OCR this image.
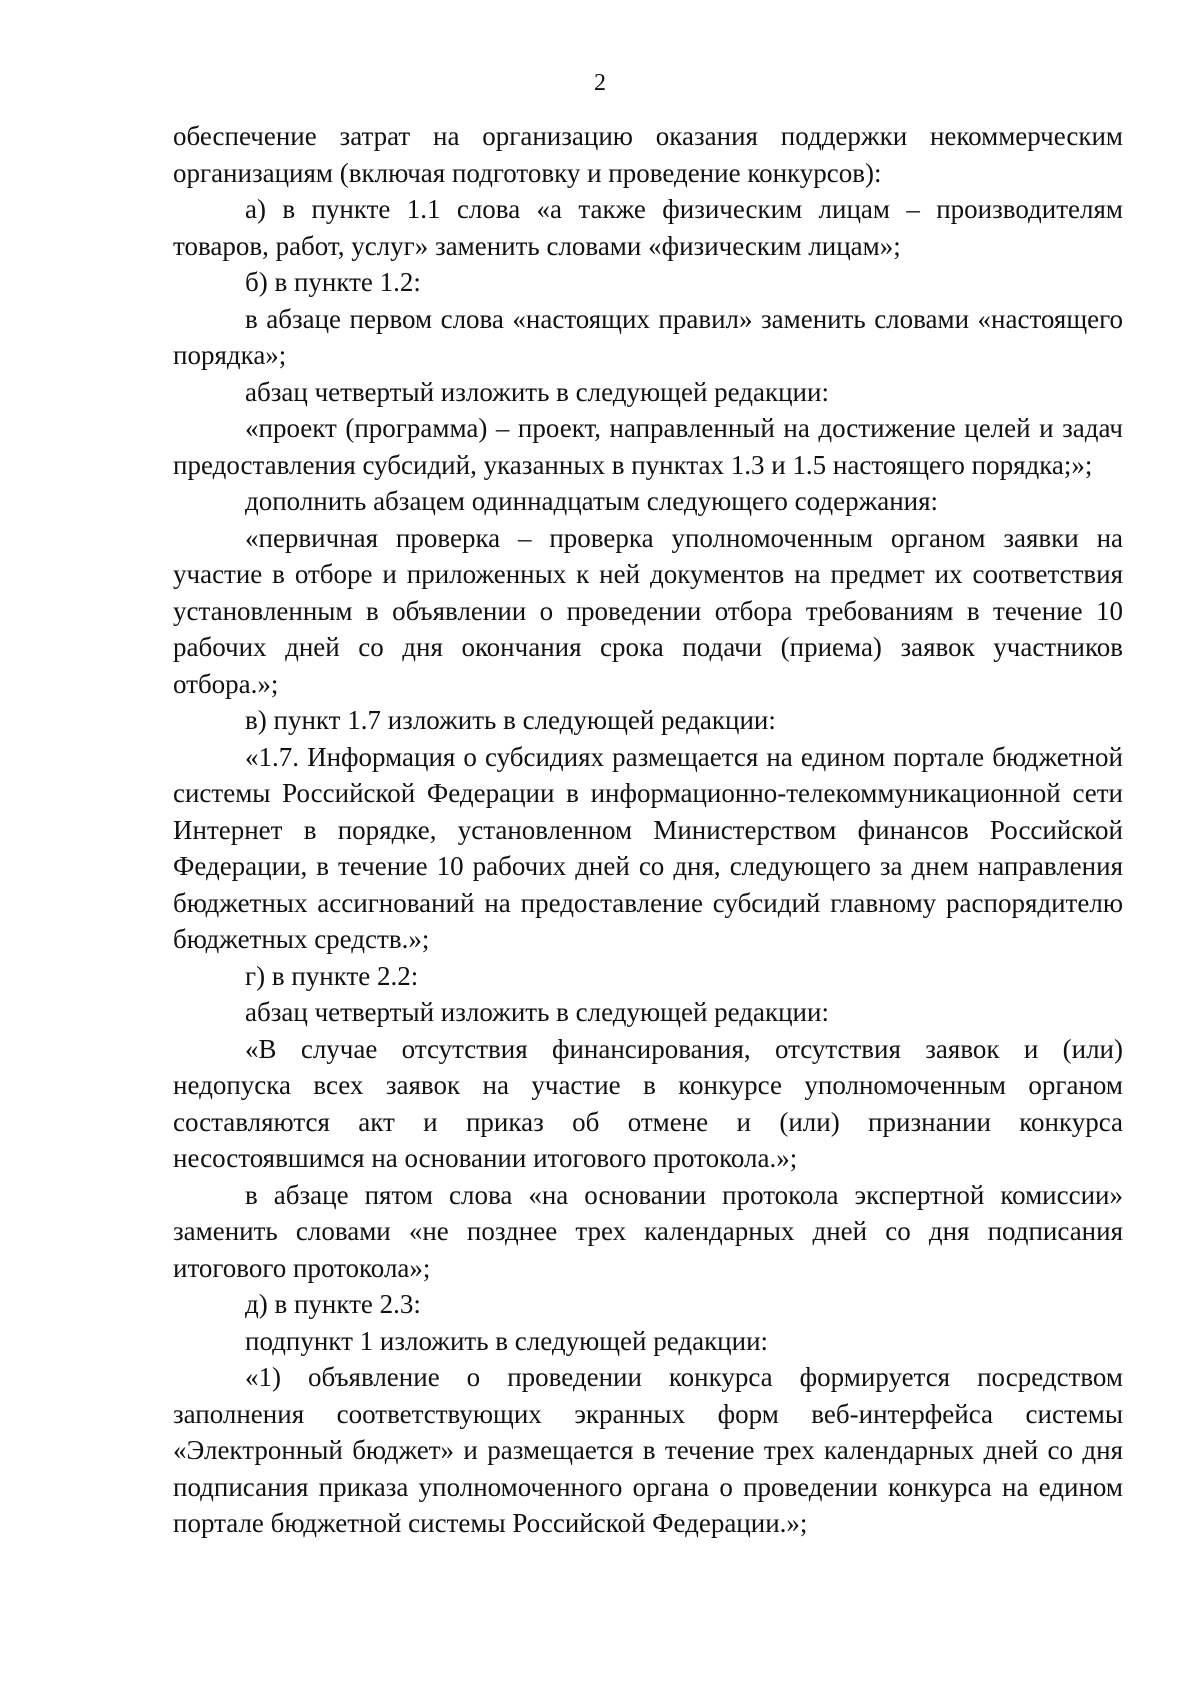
2

обеспечение затрат на организацию оказания поддержки некоммерческим организациям (включая подготовку и проведение конкурсов):

а) в пункте 1.1 слова «а также физическим лицам – производителям товаров, работ, услуг» заменить словами «физическим лицам»;

б) в пункте 1.2:

в абзаце первом слова «настоящих правил» заменить словами «настоящего порядка»;

абзац четвертый изложить в следующей редакции:

«проект (программа) – проект, направленный на достижение целей и задач предоставления субсидий, указанных в пунктах 1.3 и 1.5 настоящего порядка;»;

дополнить абзацем одиннадцатым следующего содержания:

«первичная проверка – проверка уполномоченным органом заявки на участие в отборе и приложенных к ней документов на предмет их соответствия установленным в объявлении о проведении отбора требованиям в течение 10 рабочих дней со дня окончания срока подачи (приема) заявок участников отбора.»;

в) пункт 1.7 изложить в следующей редакции:

«1.7. Информация о субсидиях размещается на едином портале бюджетной системы Российской Федерации в информационно-телекоммуникационной сети Интернет в порядке, установленном Министерством финансов Российской Федерации, в течение 10 рабочих дней со дня, следующего за днем направления бюджетных ассигнований на предоставление субсидий главному распорядителю бюджетных средств.»;

г) в пункте 2.2:

абзац четвертый изложить в следующей редакции:

«В случае отсутствия финансирования, отсутствия заявок и (или) недопуска всех заявок на участие в конкурсе уполномоченным органом составляются акт и приказ об отмене и (или) признании конкурса несостоявшимся на основании итогового протокола.»;

в абзаце пятом слова «на основании протокола экспертной комиссии» заменить словами «не позднее трех календарных дней со дня подписания итогового протокола»;

д) в пункте 2.3:

подпункт 1 изложить в следующей редакции:

«1) объявление о проведении конкурса формируется посредством заполнения соответствующих экранных форм веб-интерфейса системы «Электронный бюджет» и размещается в течение трех календарных дней со дня подписания приказа уполномоченного органа о проведении конкурса на едином портале бюджетной системы Российской Федерации.»;
